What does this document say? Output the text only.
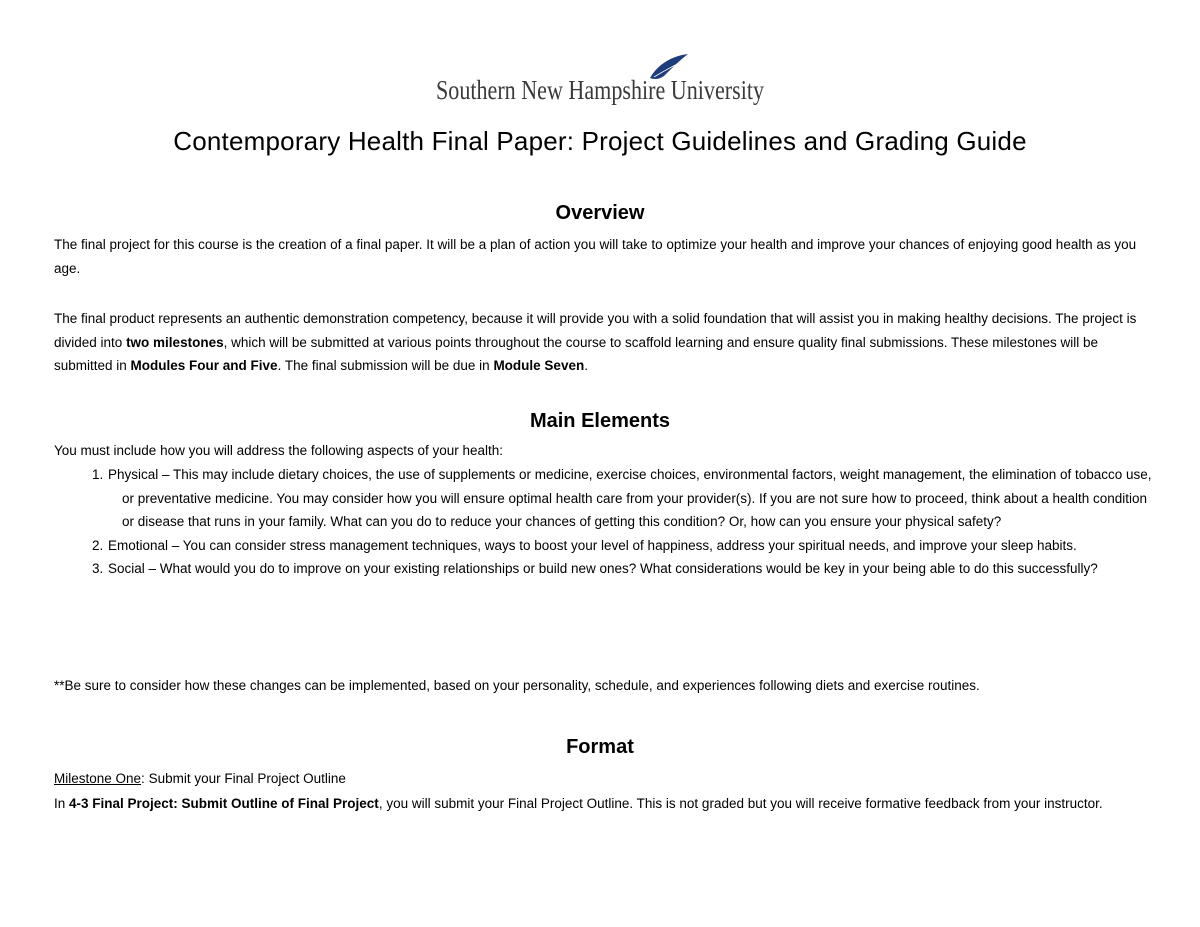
Southern New Hampshire University
Contemporary Health Final Paper: Project Guidelines and Grading Guide
Overview
The final project for this course is the creation of a final paper. It will be a plan of action you will take to optimize your health and improve your chances of enjoying good health as you age.
The final product represents an authentic demonstration competency, because it will provide you with a solid foundation that will assist you in making healthy decisions. The project is divided into two milestones, which will be submitted at various points throughout the course to scaffold learning and ensure quality final submissions. These milestones will be submitted in Modules Four and Five. The final submission will be due in Module Seven.
Main Elements
You must include how you will address the following aspects of your health:
1. Physical – This may include dietary choices, the use of supplements or medicine, exercise choices, environmental factors, weight management, the elimination of tobacco use, or preventative medicine. You may consider how you will ensure optimal health care from your provider(s). If you are not sure how to proceed, think about a health condition or disease that runs in your family. What can you do to reduce your chances of getting this condition? Or, how can you ensure your physical safety?
2. Emotional – You can consider stress management techniques, ways to boost your level of happiness, address your spiritual needs, and improve your sleep habits.
3. Social – What would you do to improve on your existing relationships or build new ones? What considerations would be key in your being able to do this successfully?
**Be sure to consider how these changes can be implemented, based on your personality, schedule, and experiences following diets and exercise routines.
Format
Milestone One: Submit your Final Project Outline
In 4-3 Final Project: Submit Outline of Final Project, you will submit your Final Project Outline. This is not graded but you will receive formative feedback from your instructor.
